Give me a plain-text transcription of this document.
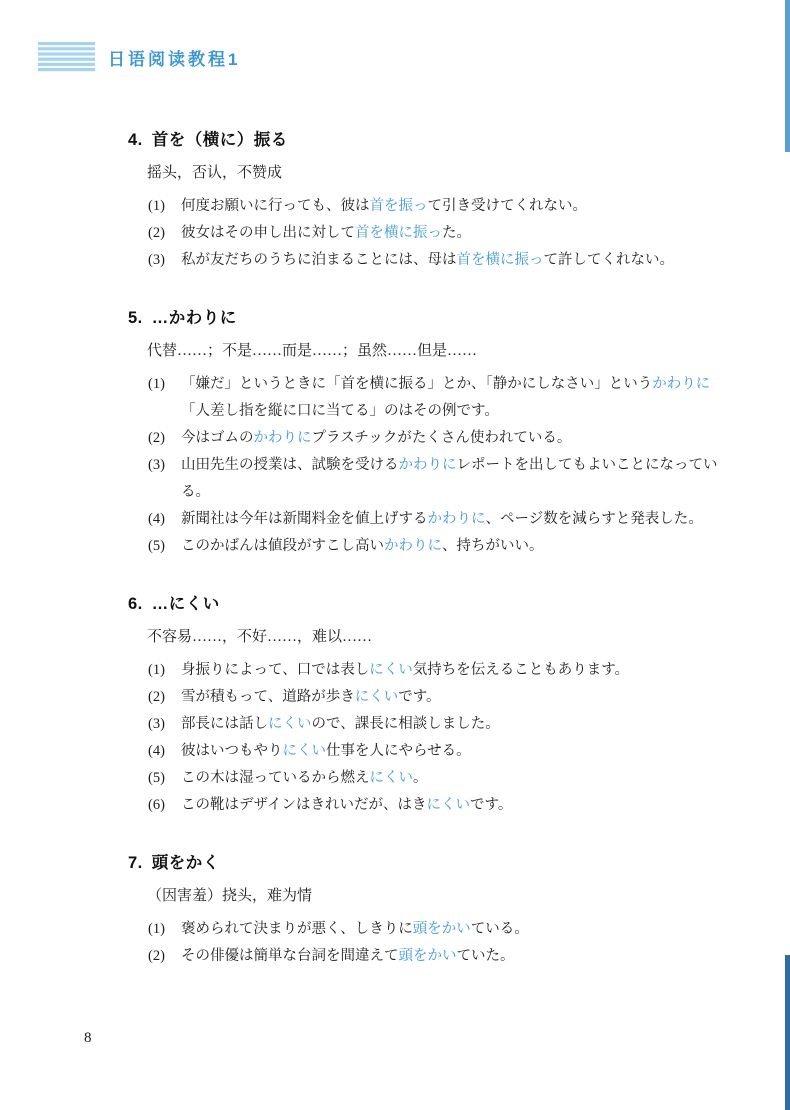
日语阅读教程1
4. 首を（横に）振る

摇头，否认，不赞成

(1) 何度お願いに行っても、彼は首を振って引き受けてくれない。

(2) 彼女はその申し出に対して首を横に振った。

(3) 私が友だちのうちに泊まることには、母は首を横に振って許してくれない。

5. …かわりに

代替……；不是……而是……；虽然……但是……

(1) 「嫌だ」というときに「首を横に振る」とか、「静かにしなさい」というかわりに「人差し指を縦に口に当てる」のはその例です。

(2) 今はゴムのかわりにプラスチックがたくさん使われている。

(3) 山田先生の授業は、試験を受けるかわりにレポートを出してもよいことになっている。

(4) 新聞社は今年は新聞料金を値上げするかわりに、ページ数を減らすと発表した。

(5) このかばんは値段がすこし高いかわりに、持ちがいい。

6. …にくい

不容易……，不好……，难以……

(1) 身振りによって、口では表しにくい気持ちを伝えることもあります。

(2) 雪が積もって、道路が歩きにくいです。

(3) 部長には話しにくいので、課長に相談しました。

(4) 彼はいつもやりにくい仕事を人にやらせる。

(5) この木は湿っているから燃えにくい。

(6) この靴はデザインはきれいだが、はきにくいです。

7. 頭をかく

（因害羞）挠头，难为情

(1) 褒められて決まりが悪く、しきりに頭をかいている。

(2) その俳優は簡単な台詞を間違えて頭をかいていた。

8
